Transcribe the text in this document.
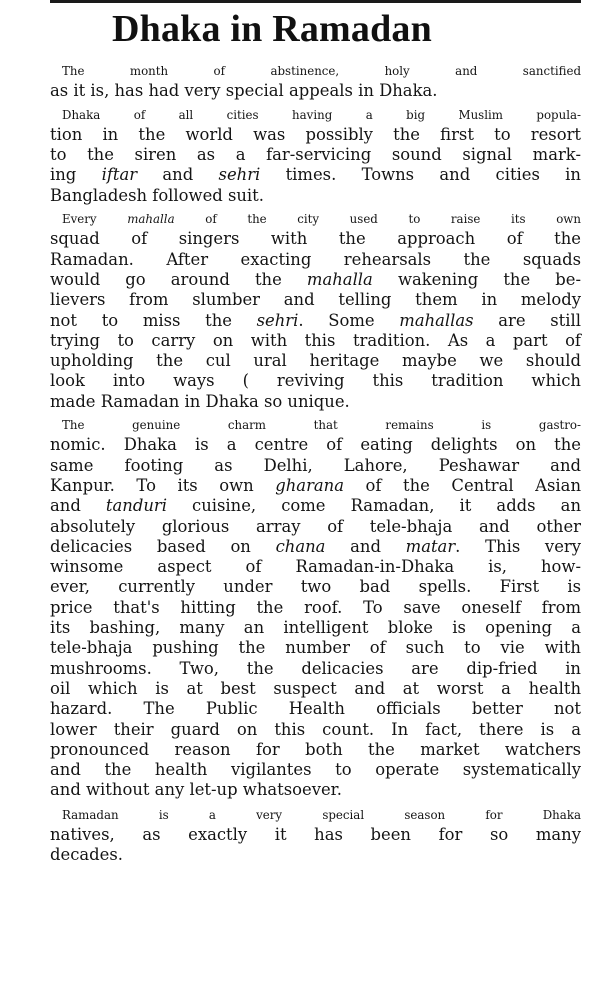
Dhaka in Ramadan

The month of abstinence, holy and sanctified
as it is, has had very special appeals in Dhaka.

Dhaka of all cities having a big Muslim popula-
tion in the world was possibly the first to resort
to the siren as a far-servicing sound signal mark-
ing iftar and sehri times. Towns and cities in
Bangladesh followed suit.

Every mahalla of the city used to raise its own
squad of singers with the approach of the
Ramadan. After exacting rehearsals the squads
would go around the mahalla wakening the be-
lievers from slumber and telling them in melody
not to miss the sehri. Some mahallas are still
trying to carry on with this tradition. As a part of
upholding the cul ural heritage maybe we should
look into ways ( reviving this tradition which
made Ramadan in Dhaka so unique.

The genuine charm that remains is gastro-
nomic. Dhaka is a centre of eating delights on the
same footing as Delhi, Lahore, Peshawar and
Kanpur. To its own gharana of the Central Asian
and tanduri cuisine, come Ramadan, it adds an
absolutely glorious array of tele-bhaja and other
delicacies based on chana and matar. This very
winsome aspect of Ramadan-in-Dhaka is, how-
ever, currently under two bad spells. First is
price that's hitting the roof. To save oneself from
its bashing, many an intelligent bloke is opening a
tele-bhaja pushing the number of such to vie with
mushrooms. Two, the delicacies are dip-fried in
oil which is at best suspect and at worst a health
hazard. The Public Health officials better not
lower their guard on this count. In fact, there is a
pronounced reason for both the market watchers
and the health vigilantes to operate systematically
and without any let-up whatsoever.

Ramadan is a very special season for Dhaka
natives, as exactly it has been for so many
decades.
